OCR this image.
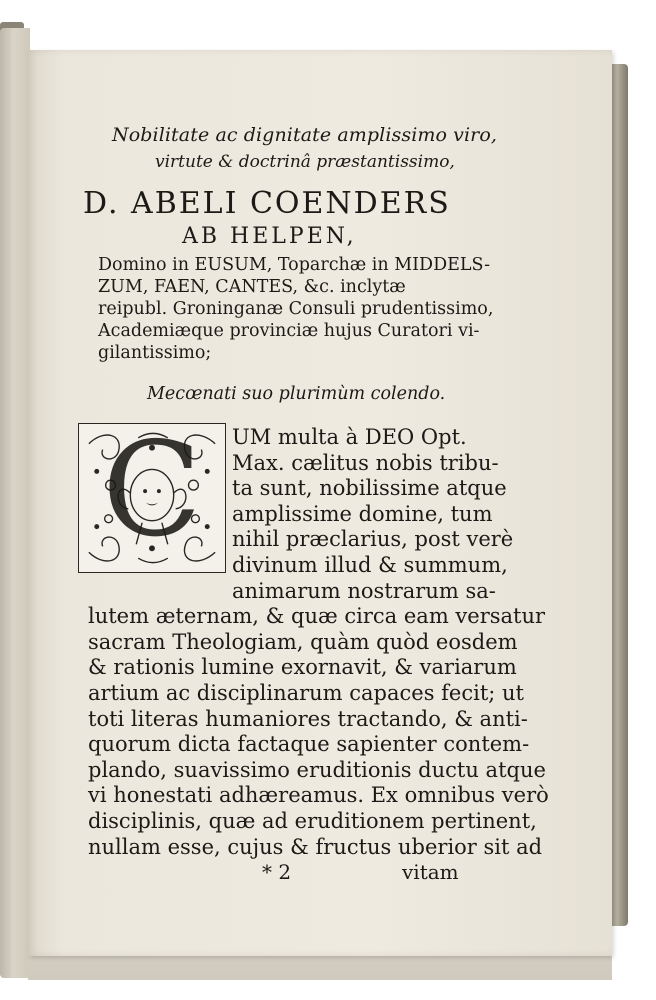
Nobilitate ac dignitate amplissimo viro,
virtute & doctrinâ præstantissimo,
D. ABELI COENDERS
AB HELPEN,
Domino in EUSUM, Toparchæ in MIDDELS-
ZUM, FAEN, CANTES, &c. inclytæ
reipubl. Groninganæ Consuli prudentissimo,
Academiæque provinciæ hujus Curatori vi-
gilantissimo;
Mecœnati suo plurimùm colendo.
C
* 2	vitam
UM multa à DEO Opt.
Max. cælitus nobis tribu-
ta sunt, nobilissime atque
amplissime domine, tum
nihil præclarius, post verè
divinum illud & summum,
animarum nostrarum sa-
lutem æternam, & quæ circa eam versatur
sacram Theologiam, quàm quòd eosdem
& rationis lumine exornavit, & variarum
artium ac disciplinarum capaces fecit; ut
toti literas humaniores tractando, & anti-
quorum dicta factaque sapienter contem-
plando, suavissimo eruditionis ductu atque
vi honestati adhæreamus. Ex omnibus verò
disciplinis, quæ ad eruditionem pertinent,
nullam esse, cujus & fructus uberior sit ad
